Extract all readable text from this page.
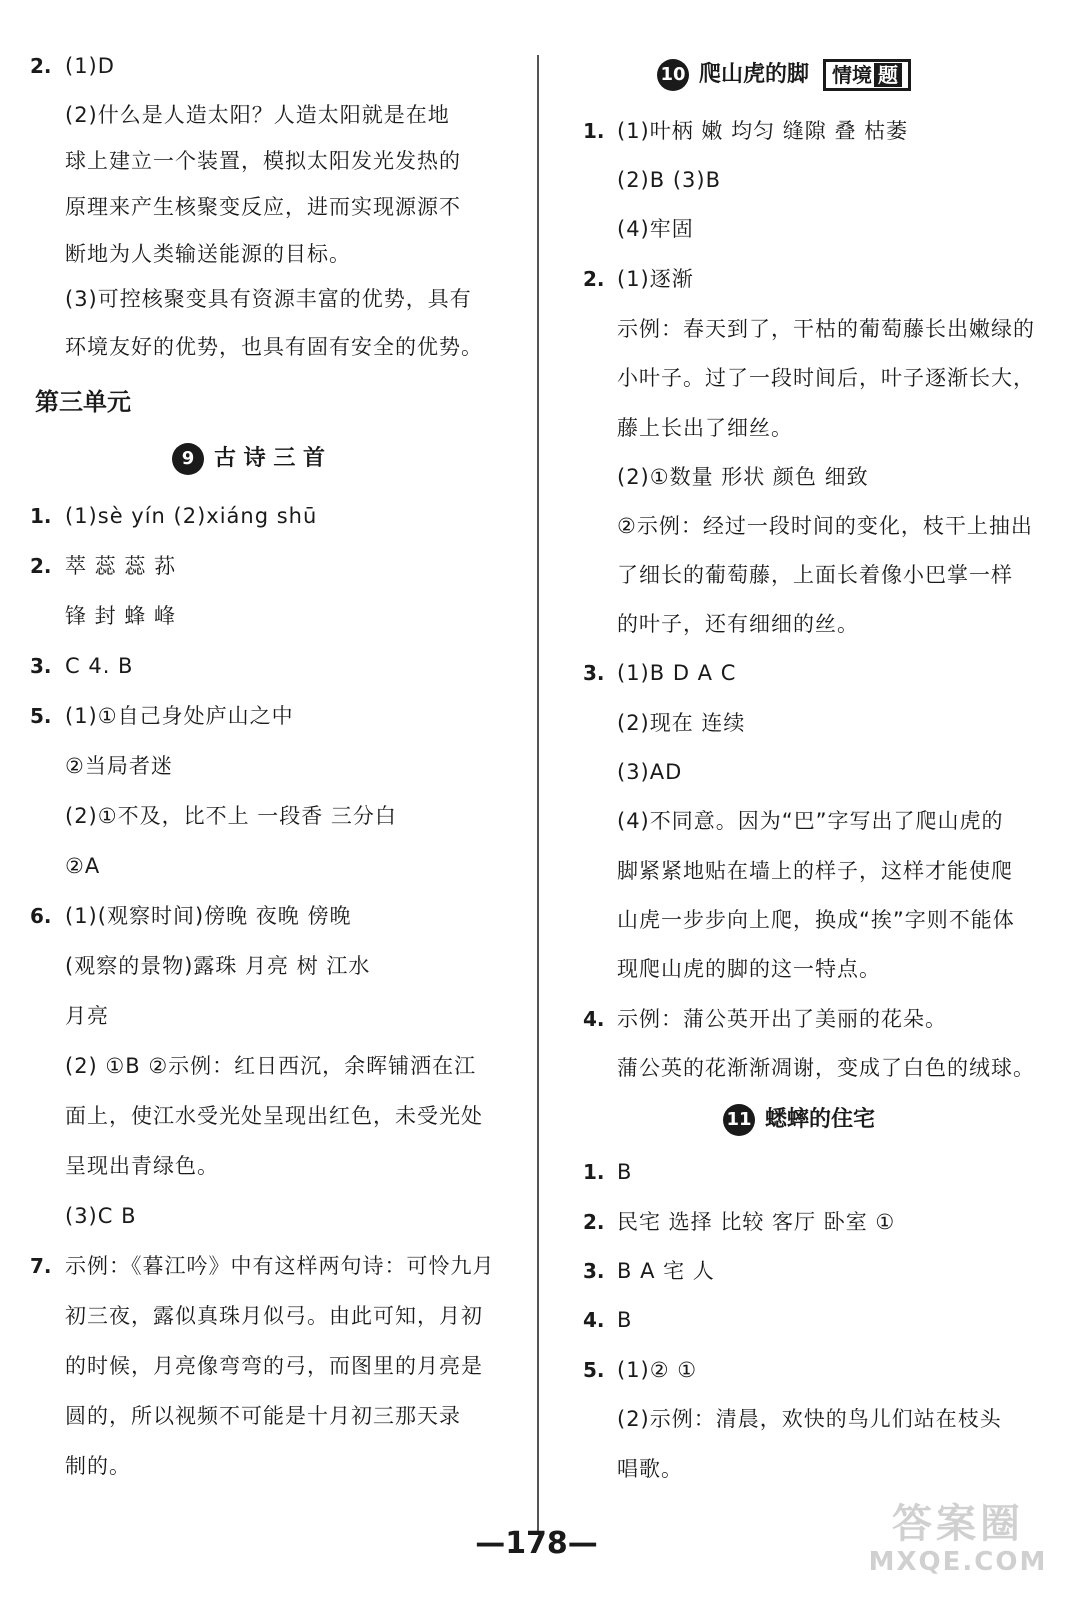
2. (1)D
(2)什么是人造太阳？人造太阳就是在地
球上建立一个装置，模拟太阳发光发热的
原理来产生核聚变反应，进而实现源源不
断地为人类输送能源的目标。
(3)可控核聚变具有资源丰富的优势，具有
环境友好的优势，也具有固有安全的优势。
第三单元
9 古 诗 三 首
1. (1)sè yín (2)xiáng shū
2. 萃 蕊 蕊 荪
锋 封 蜂 峰
3. C 4. B
5. (1)①自己身处庐山之中
②当局者迷
(2)①不及，比不上 一段香 三分白
②A
6. (1)(观察时间)傍晚 夜晚 傍晚
(观察的景物)露珠 月亮 树 江水
月亮
(2) ①B ②示例：红日西沉，余晖铺洒在江
面上，使江水受光处呈现出红色，未受光处
呈现出青绿色。
(3)C B
7. 示例：《暮江吟》中有这样两句诗：可怜九月
初三夜，露似真珠月似弓。由此可知，月初
的时候，月亮像弯弯的弓，而图里的月亮是
圆的，所以视频不可能是十月初三那天录
制的。
10 爬山虎的脚	情境 题
1. (1)叶柄 嫩 均匀 缝隙 叠 枯萎
(2)B (3)B
(4)牢固
2. (1)逐渐
示例：春天到了，干枯的葡萄藤长出嫩绿的
小叶子。过了一段时间后，叶子逐渐长大，
藤上长出了细丝。
(2)①数量 形状 颜色 细致
②示例：经过一段时间的变化，枝干上抽出
了细长的葡萄藤，上面长着像小巴掌一样
的叶子，还有细细的丝。
3. (1)B D A C
(2)现在 连续
(3)AD
(4)不同意。因为“巴”字写出了爬山虎的
脚紧紧地贴在墙上的样子，这样才能使爬
山虎一步步向上爬，换成“挨”字则不能体
现爬山虎的脚的这一特点。
4. 示例：蒲公英开出了美丽的花朵。
蒲公英的花渐渐凋谢，变成了白色的绒球。
11 蟋蟀的住宅
1. B
2. 民宅 选择 比较 客厅 卧室 ①
3. B A 宅 人
4. B
5. (1)② ①
(2)示例：清晨，欢快的鸟儿们站在枝头
唱歌。
—178—	答案圈
MXQE.COM
